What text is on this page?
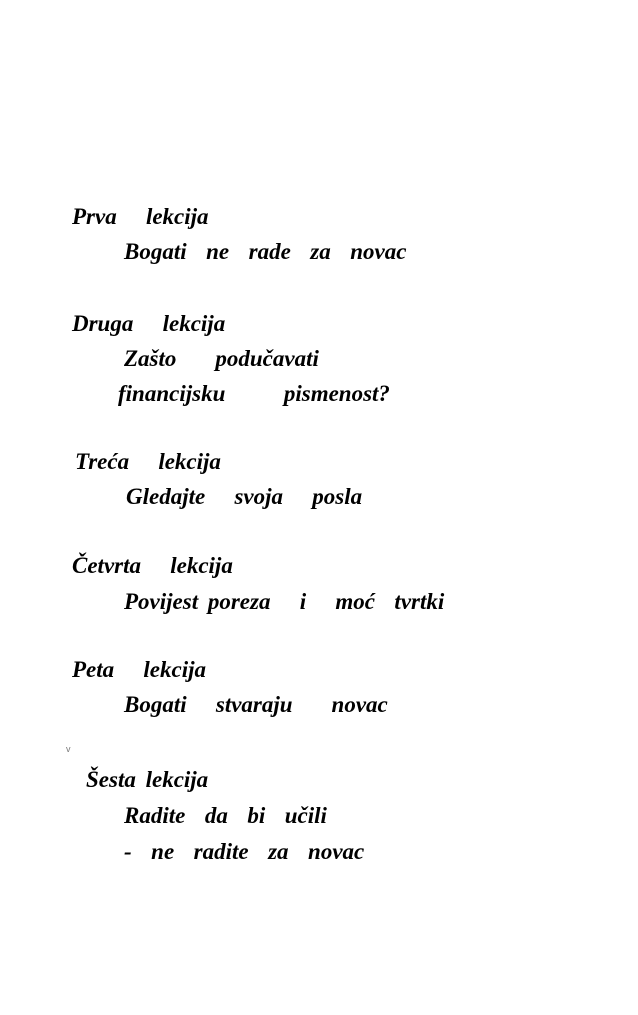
Prva   lekcija
Bogati  ne  rade  za  novac
Druga   lekcija
Zašto    podučavati
financijsku      pismenost?
Treća   lekcija
Gledajte   svoja   posla
Četvrta   lekcija
Povijest poreza   i   moć  tvrtki
Peta   lekcija
Bogati   stvaraju    novac
v
Šesta lekcija
Radite  da  bi  učili
-  ne  radite  za  novac
